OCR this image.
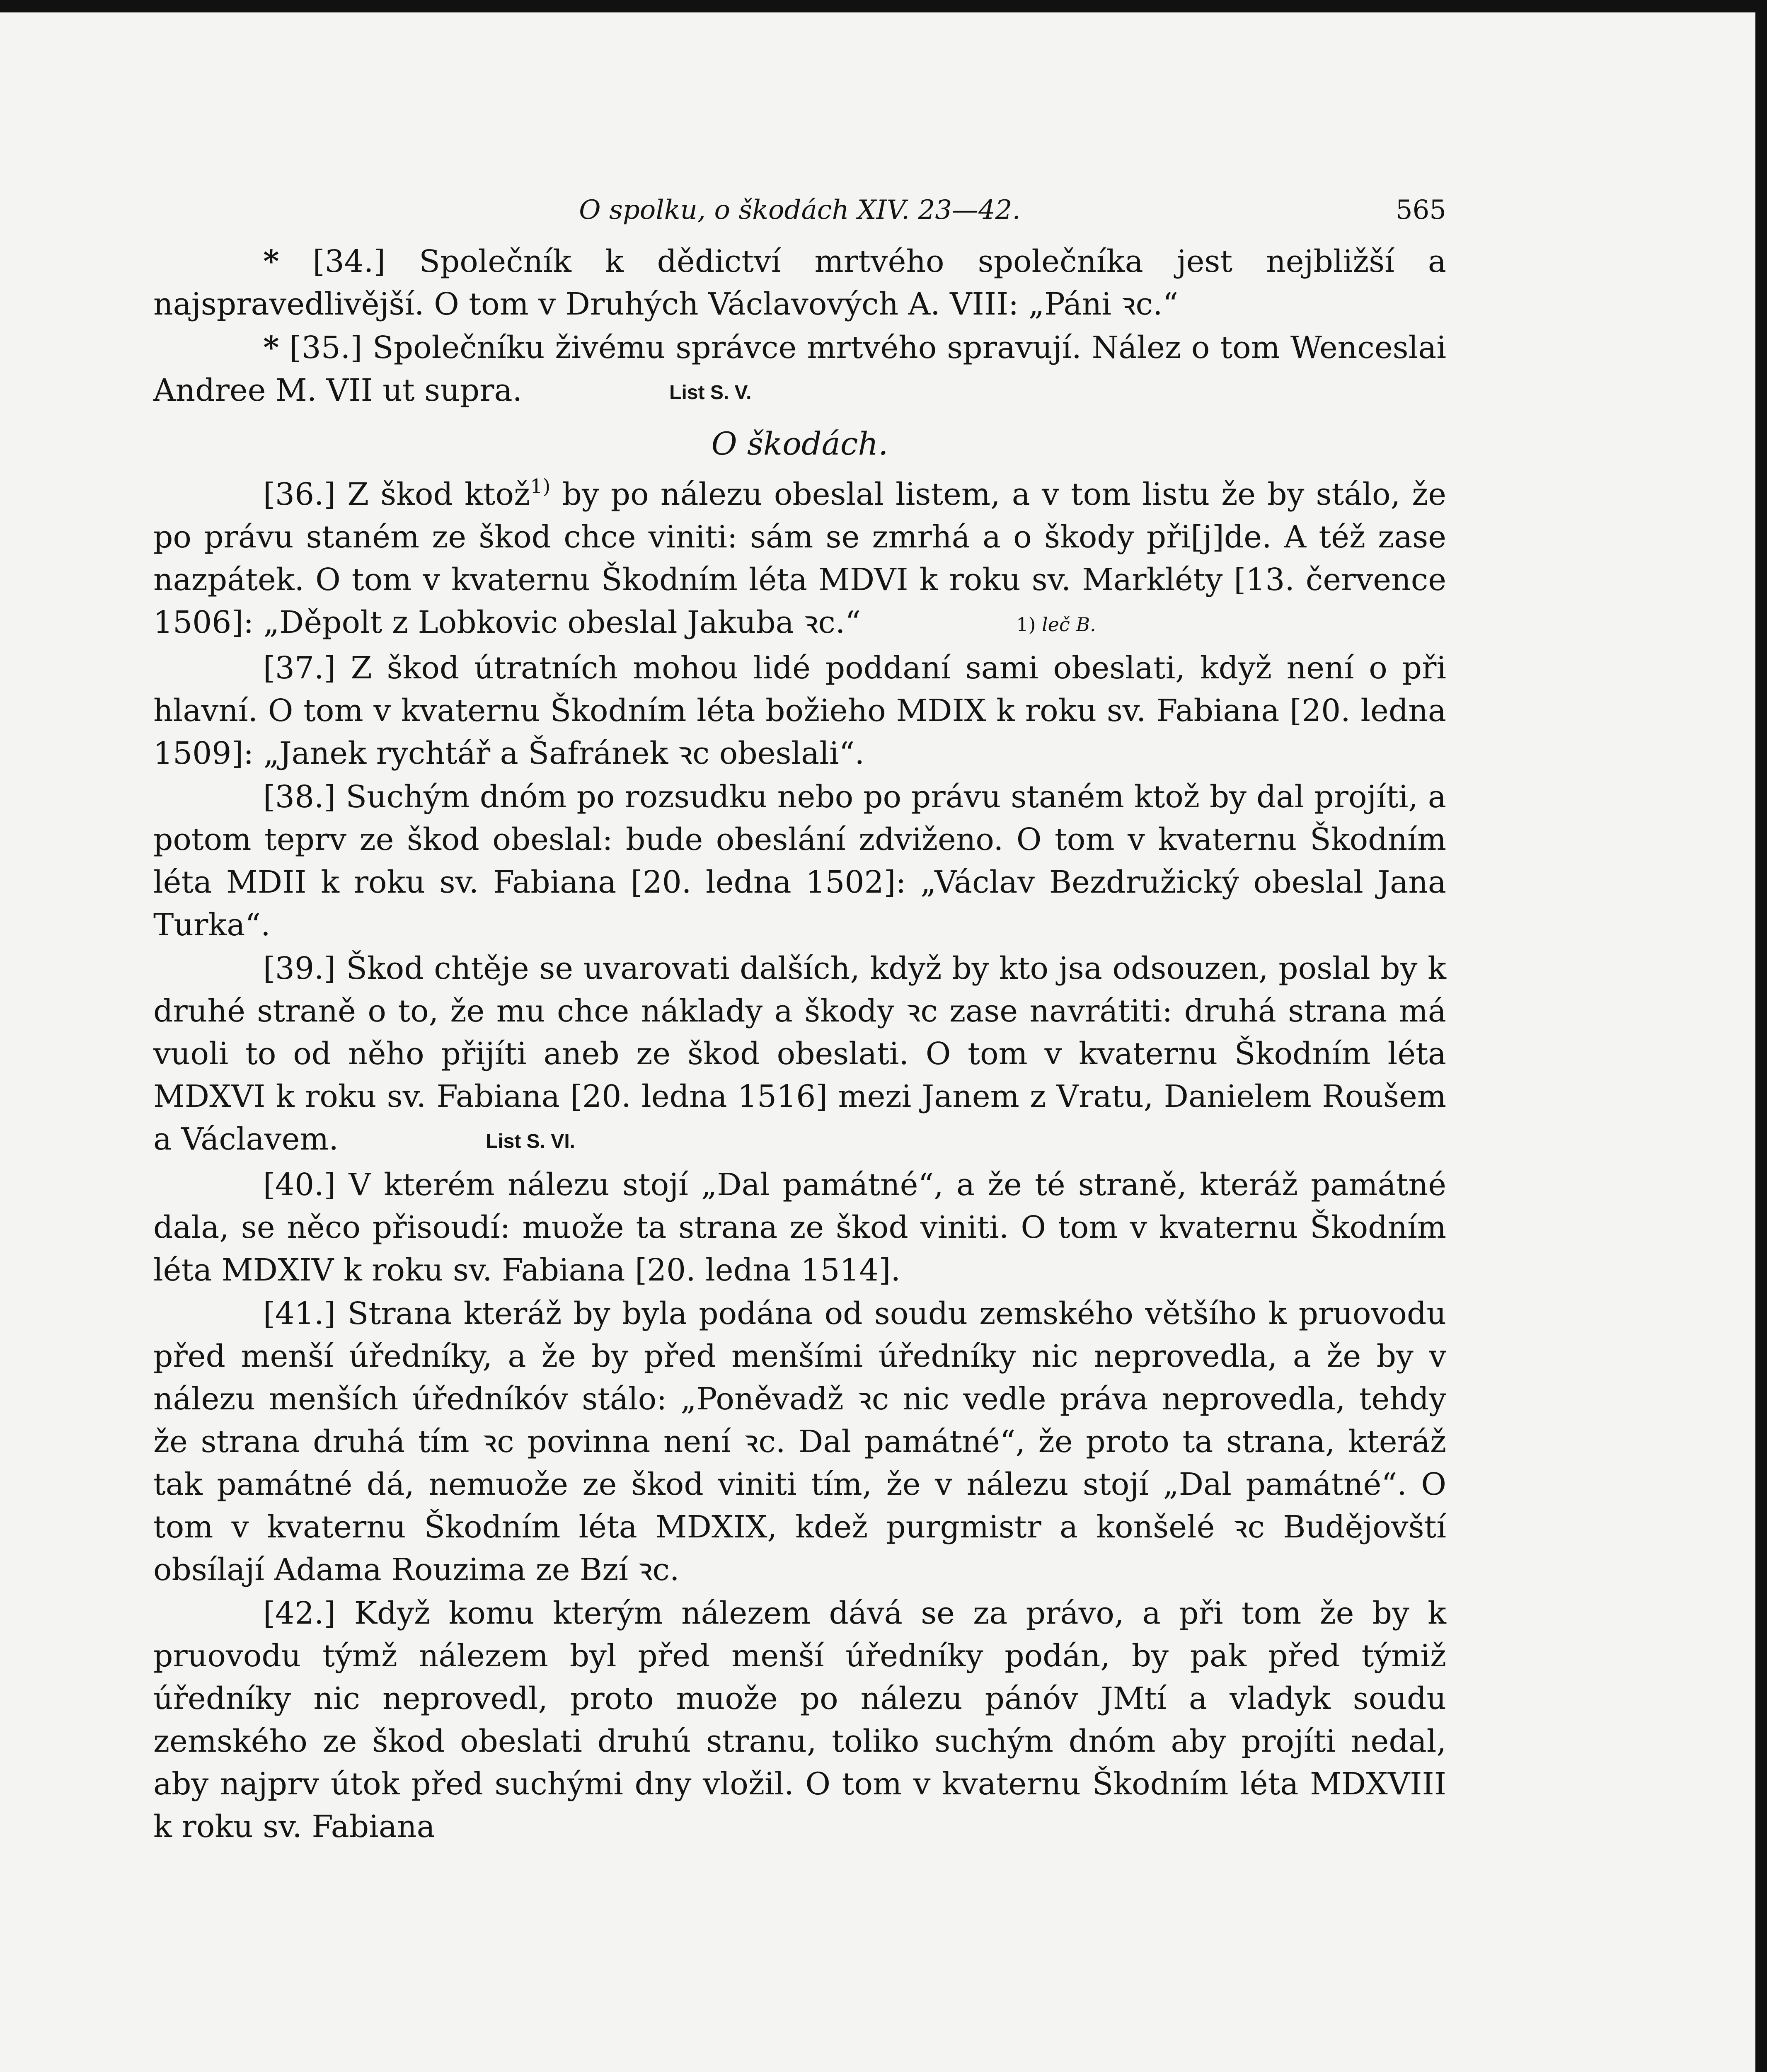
O spolku, o škodách XIV. 23—42.	565

* [34.] Společník k dědictví mrtvého společníka jest nejbližší a najspravedlivější. O tom v Druhých Václavových A. VIII: „Páni ꝛc.“

* [35.] Společníku živému správce mrtvého spravují. Nález o tom Wenceslai Andree M. VII ut supra.	List S. V.

O škodách.

[36.] Z škod ktož$^{1)}$ by po nálezu obeslal listem, a v tom listu že by stálo, že po právu staném ze škod chce viniti: sám se zmrhá a o škody při[j]de. A též zase nazpátek. O tom v kvaternu Škodním léta MDVI k roku sv. Markléty [13. července 1506]: „Děpolt z Lobkovic obeslal Jakuba ꝛc.“	1) leč B.

[37.] Z škod útratních mohou lidé poddaní sami obeslati, když není o při hlavní. O tom v kvaternu Škodním léta božieho MDIX k roku sv. Fabiana [20. ledna 1509]: „Janek rychtář a Šafránek ꝛc obeslali“.

[38.] Suchým dnóm po rozsudku nebo po právu staném ktož by dal projíti, a potom teprv ze škod obeslal: bude obeslání zdviženo. O tom v kvaternu Škodním léta MDII k roku sv. Fabiana [20. ledna 1502]: „Václav Bezdružický obeslal Jana Turka“.

[39.] Škod chtěje se uvarovati dalších, když by kto jsa odsouzen, poslal by k druhé straně o to, že mu chce náklady a škody ꝛc zase navrátiti: druhá strana má vuoli to od něho přijíti aneb ze škod obeslati. O tom v kvaternu Škodním léta MDXVI k roku sv. Fabiana [20. ledna 1516] mezi Janem z Vratu, Danielem Roušem a Václavem.	List S. VI.

[40.] V kterém nálezu stojí „Dal památné“, a že té straně, kteráž památné dala, se něco přisoudí: muože ta strana ze škod viniti. O tom v kvaternu Škodním léta MDXIV k roku sv. Fabiana [20. ledna 1514].

[41.] Strana kteráž by byla podána od soudu zemského většího k pruovodu před menší úředníky, a že by před menšími úředníky nic neprovedla, a že by v nálezu menších úředníkóv stálo: „Poněvadž ꝛc nic vedle práva neprovedla, tehdy že strana druhá tím ꝛc povinna není ꝛc. Dal památné“, že proto ta strana, kteráž tak památné dá, nemuože ze škod viniti tím, že v nálezu stojí „Dal památné“. O tom v kvaternu Škodním léta MDXIX, kdež purgmistr a konšelé ꝛc Budějovští obsílají Adama Rouzima ze Bzí ꝛc.

[42.] Když komu kterým nálezem dává se za právo, a při tom že by k pruovodu týmž nálezem byl před menší úředníky podán, by pak před týmiž úředníky nic neprovedl, proto muože po nálezu pánóv JMtí a vladyk soudu zemského ze škod obeslati druhú stranu, toliko suchým dnóm aby projíti nedal, aby najprv útok před suchými dny vložil. O tom v kvaternu Škodním léta MDXVIII k roku sv. Fabiana
